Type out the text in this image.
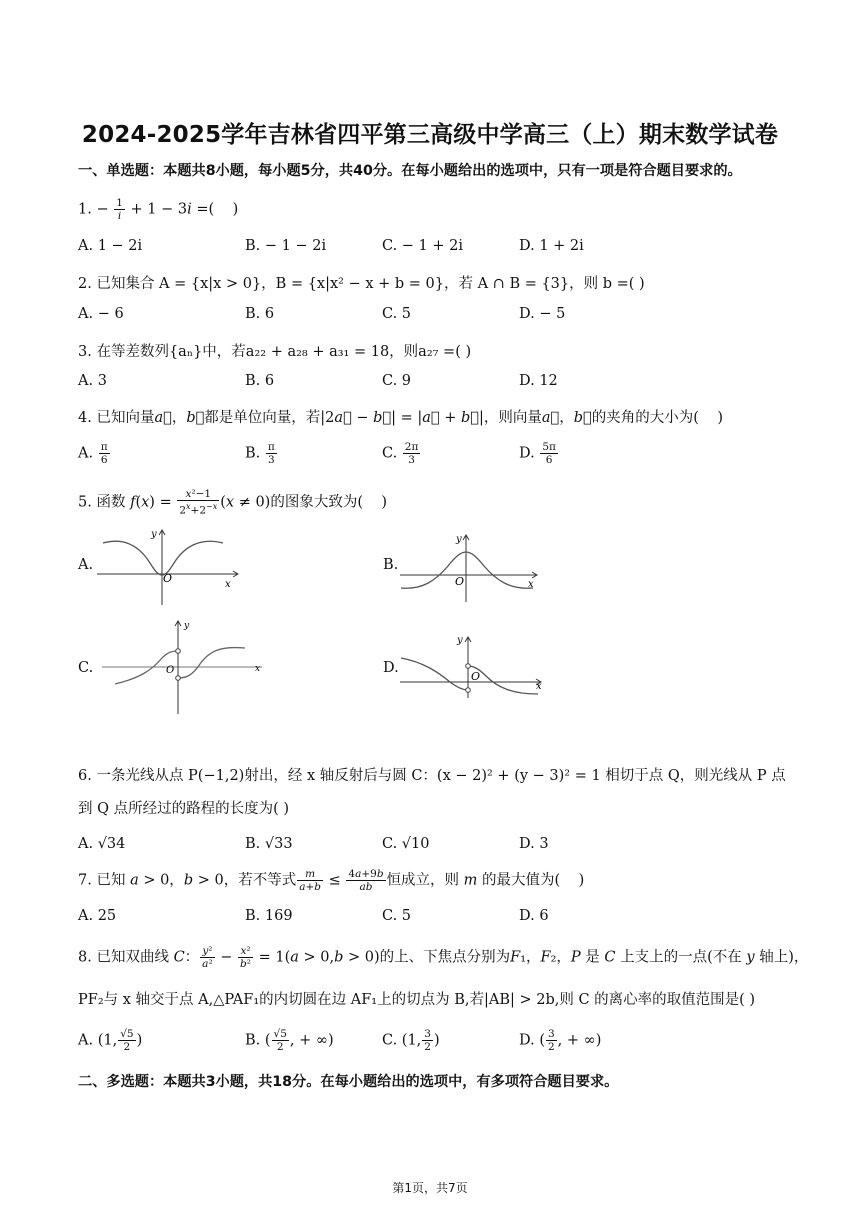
2024-2025学年吉林省四平第三高级中学高三（上）期末数学试卷
一、单选题：本题共8小题，每小题5分，共40分。在每小题给出的选项中，只有一项是符合题目要求的。
1. − $\frac{1}{i} + 1 - 3i$ =(    )
A. 1 − 2i	B. − 1 − 2i	C. − 1 + 2i	D. 1 + 2i
2. 已知集合 A = {x|x > 0}，B = {x|x² − x + b = 0}，若 A ∩ B = {3}，则 b =( )
A. − 6	B. 6	C. 5	D. − 5
3. 在等差数列{aₙ}中，若a₂₂ + a₂₈ + a₃₁ = 18，则a₂₇ =( )
A. 3	B. 6	C. 9	D. 12
4. 已知向量a⃗，b⃗都是单位向量，若|2a⃗ − b⃗| = |a⃗ + b⃗|，则向量a⃗，b⃗的夹角的大小为(    )
A. $\frac{\pi}{6}$	B. $\frac{\pi}{3}$	C. $\frac{2\pi}{3}$	D. $\frac{5\pi}{6}$
5. 函数 $f(x) = \frac{\text{x²−1}}{2^x+2^{-x}} (x \ne 0)$的图象大致为(    )
A.
y
x
O
B.
y
x
O
C.
y
x
O	D.
y
x
O
6. 一条光线从点 P(−1,2)射出，经 x 轴反射后与圆 C：(x − 2)² + (y − 3)² = 1 相切于点 Q，则光线从 P 点
到 Q 点所经过的路程的长度为( )
A. √34	B. √33	C. √10	D. 3
7. 已知 a > 0，b > 0，若不等式 $\frac{m}{a+b} \le \frac{4a+9b}{ab}$ 恒成立，则 m 的最大值为(    )
A. 25	B. 169	C. 5	D. 6
8. 已知双曲线 C： $\frac{\text{y²}}{\text{a²}} - \frac{\text{x²}}{\text{b²}} = 1(a > 0,b > 0)$的上、下焦点分别为F₁，F₂，P 是 C 上支上的一点(不在 y 轴上)，
PF₂与 x 轴交于点 A,△PAF₁的内切圆在边 AF₁上的切点为 B,若|AB| > 2b,则 C 的离心率的取值范围是( )
A. (1, $\frac{√5}{2}$ )	B. ( $\frac{√5}{2}$ , + ∞)	C. (1, $\frac{3}{2}$ )	D. ( $\frac{3}{2}$ , + ∞)
二、多选题：本题共3小题，共18分。在每小题给出的选项中，有多项符合题目要求。
第1页，共7页
